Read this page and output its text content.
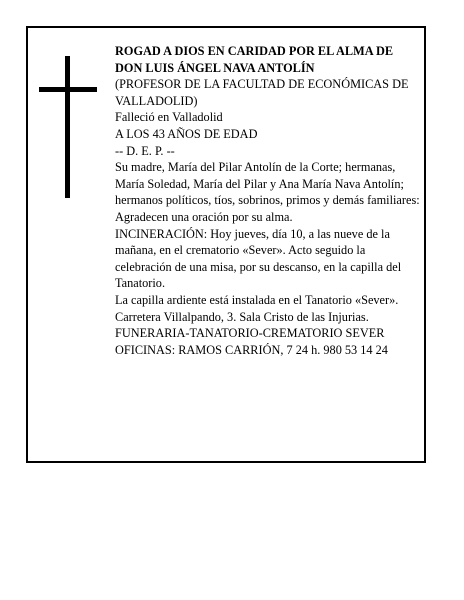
ROGAD A DIOS EN CARIDAD POR EL ALMA DE
DON LUIS ÁNGEL NAVA ANTOLÍN
(PROFESOR DE LA FACULTAD DE ECONÓMICAS DE VALLADOLID)
Falleció en Valladolid
A LOS 43 AÑOS DE EDAD
-- D. E. P. --
Su madre, María del Pilar Antolín de la Corte; hermanas, María Soledad, María del Pilar y Ana María Nava Antolín; hermanos políticos, tíos, sobrinos, primos y demás familiares:
Agradecen una oración por su alma.
INCINERACIÓN: Hoy jueves, día 10, a las nueve de la mañana, en el crematorio «Sever». Acto seguido la celebración de una misa, por su descanso, en la capilla del Tanatorio.
La capilla ardiente está instalada en el Tanatorio «Sever». Carretera Villalpando, 3. Sala Cristo de las Injurias.
FUNERARIA-TANATORIO-CREMATORIO SEVER
OFICINAS: RAMOS CARRIÓN, 7 24 h. 980 53 14 24
